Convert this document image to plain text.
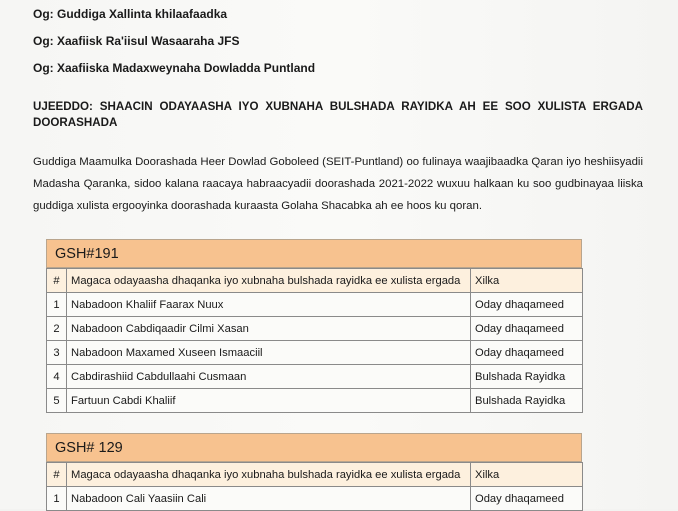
Og: Guddiga Xallinta khilaafaadka
Og: Xaafiisk Ra'iisul Wasaaraha JFS
Og: Xaafiiska Madaxweynaha Dowladda Puntland
UJEEDDO: SHAACIN ODAYAASHA IYO XUBNAHA BULSHADA RAYIDKA AH EE SOO XULISTA ERGADA DOORASHADA
Guddiga Maamulka Doorashada Heer Dowlad Goboleed (SEIT-Puntland) oo fulinaya waajibaadka Qaran iyo heshiisyadii Madasha Qaranka, sidoo kalana raacaya habraacyadii doorashada 2021-2022 wuxuu halkaan ku soo gudbinayaa liiska guddiga xulista ergooyinka doorashada kuraasta Golaha Shacabka ah ee hoos ku qoran.
GSH#191
#	Magaca odayaasha dhaqanka iyo xubnaha bulshada rayidka ee xulista ergada	Xilka
1	Nabadoon Khaliif Faarax Nuux	Oday dhaqameed
2	Nabadoon Cabdiqaadir Cilmi Xasan	Oday dhaqameed
3	Nabadoon Maxamed Xuseen Ismaaciil	Oday dhaqameed
4	Cabdirashiid Cabdullaahi Cusmaan	Bulshada Rayidka
5	Fartuun Cabdi Khaliif	Bulshada Rayidka
GSH# 129
#	Magaca odayaasha dhaqanka iyo xubnaha bulshada rayidka ee xulista ergada	Xilka
1	Nabadoon Cali Yaasiin Cali	Oday dhaqameed
